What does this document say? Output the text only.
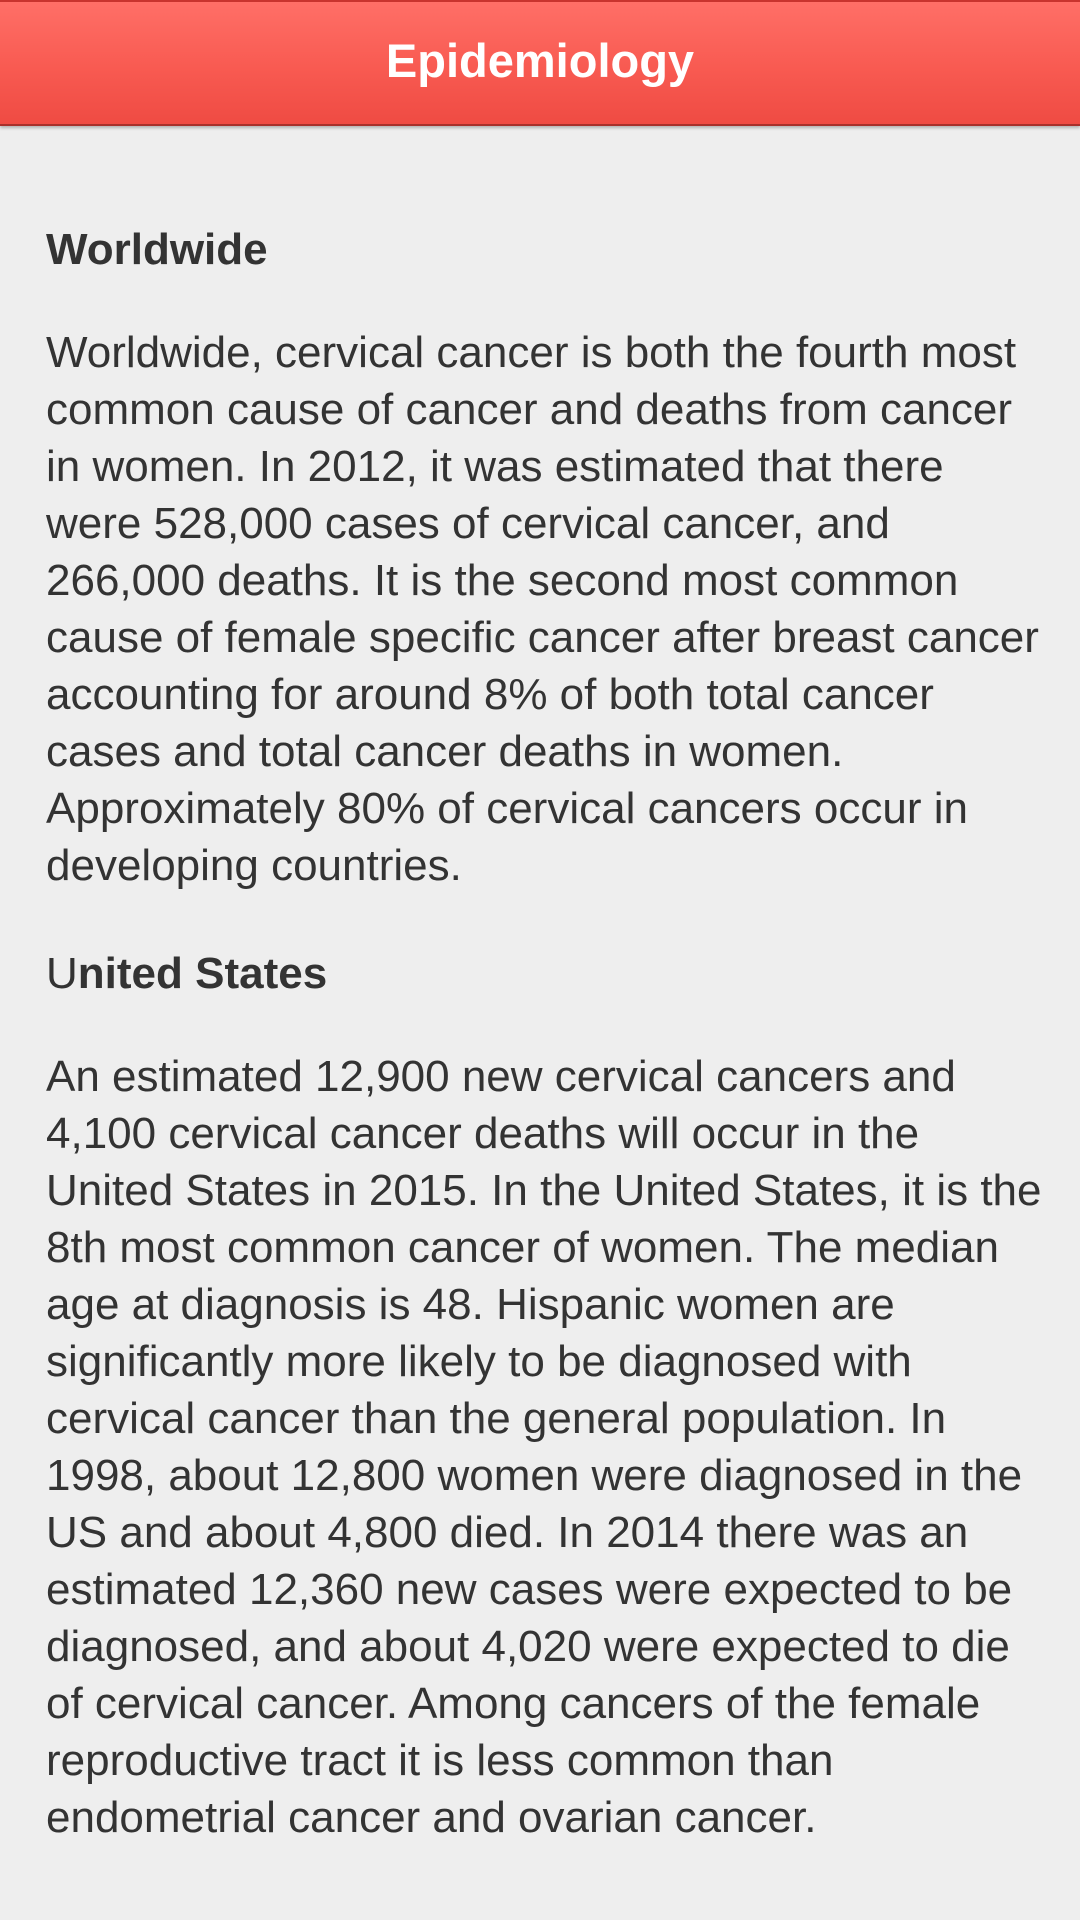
Epidemiology
Worldwide

Worldwide, cervical cancer is both the fourth most common cause of cancer and deaths from cancer in women. In 2012, it was estimated that there were 528,000 cases of cervical cancer, and 266,000 deaths. It is the second most common cause of female specific cancer after breast cancer accounting for around 8% of both total cancer cases and total cancer deaths in women. Approximately 80% of cervical cancers occur in developing countries.

United States

An estimated 12,900 new cervical cancers and 4,100 cervical cancer deaths will occur in the United States in 2015. In the United States, it is the 8th most common cancer of women. The median age at diagnosis is 48. Hispanic women are significantly more likely to be diagnosed with cervical cancer than the general population. In 1998, about 12,800 women were diagnosed in the US and about 4,800 died. In 2014 there was an estimated 12,360 new cases were expected to be diagnosed, and about 4,020 were expected to die of cervical cancer. Among cancers of the female reproductive tract it is less common than endometrial cancer and ovarian cancer.
